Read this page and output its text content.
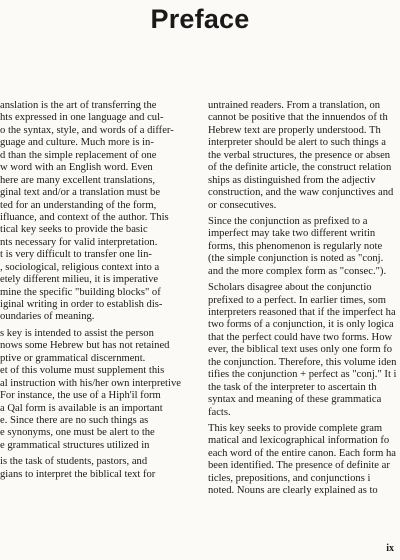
Preface
anslation is the art of transferring the
hts expressed in one language and cul-
o the syntax, style, and words of a differ-
guage and culture. Much more is in-
d than the simple replacement of one
w word with an English word. Even
here are many excellent translations,
ginal text and/or a translation must be
ted for an understanding of the form,
ifluance, and context of the author. This
tical key seeks to provide the basic
nts necessary for valid interpretation.
t is very difficult to transfer one lin-
, sociological, religious context into a
etely different milieu, it is imperative
mine the specific "building blocks" of
iginal writing in order to establish dis-
oundaries of meaning.
s key is intended to assist the person
nows some Hebrew but has not retained
ptive or grammatical discernment.
et of this volume must supplement this
al instruction with his/her own interpretive
For instance, the use of a Hiph'il form
a Qal form is available is an important
e. Since there are no such things as
e synonyms, one must be alert to the
e grammatical structures utilized in
is the task of students, pastors, and
gians to interpret the biblical text for
untrained readers. From a translation, on
cannot be positive that the innuendos of th
Hebrew text are properly understood. Th
interpreter should be alert to such things a
the verbal structures, the presence or absen
of the definite article, the construct relation
ships as distinguished from the adjectiv
construction, and the waw conjunctives and
or consecutives.
Since the conjunction as prefixed to a
imperfect may take two different writin
forms, this phenomenon is regularly note
(the simple conjunction is noted as "conj.
and the more complex form as "consec.").
Scholars disagree about the conjunctio
prefixed to a perfect. In earlier times, som
interpreters reasoned that if the imperfect ha
two forms of a conjunction, it is only logica
that the perfect could have two forms. How
ever, the biblical text uses only one form fo
the conjunction. Therefore, this volume iden
tifies the conjunction + perfect as "conj." It i
the task of the interpreter to ascertain th
syntax and meaning of these grammatica
facts.
This key seeks to provide complete gram
matical and lexicographical information fo
each word of the entire canon. Each form ha
been identified. The presence of definite ar
ticles, prepositions, and conjunctions i
noted. Nouns are clearly explained as to
ix
